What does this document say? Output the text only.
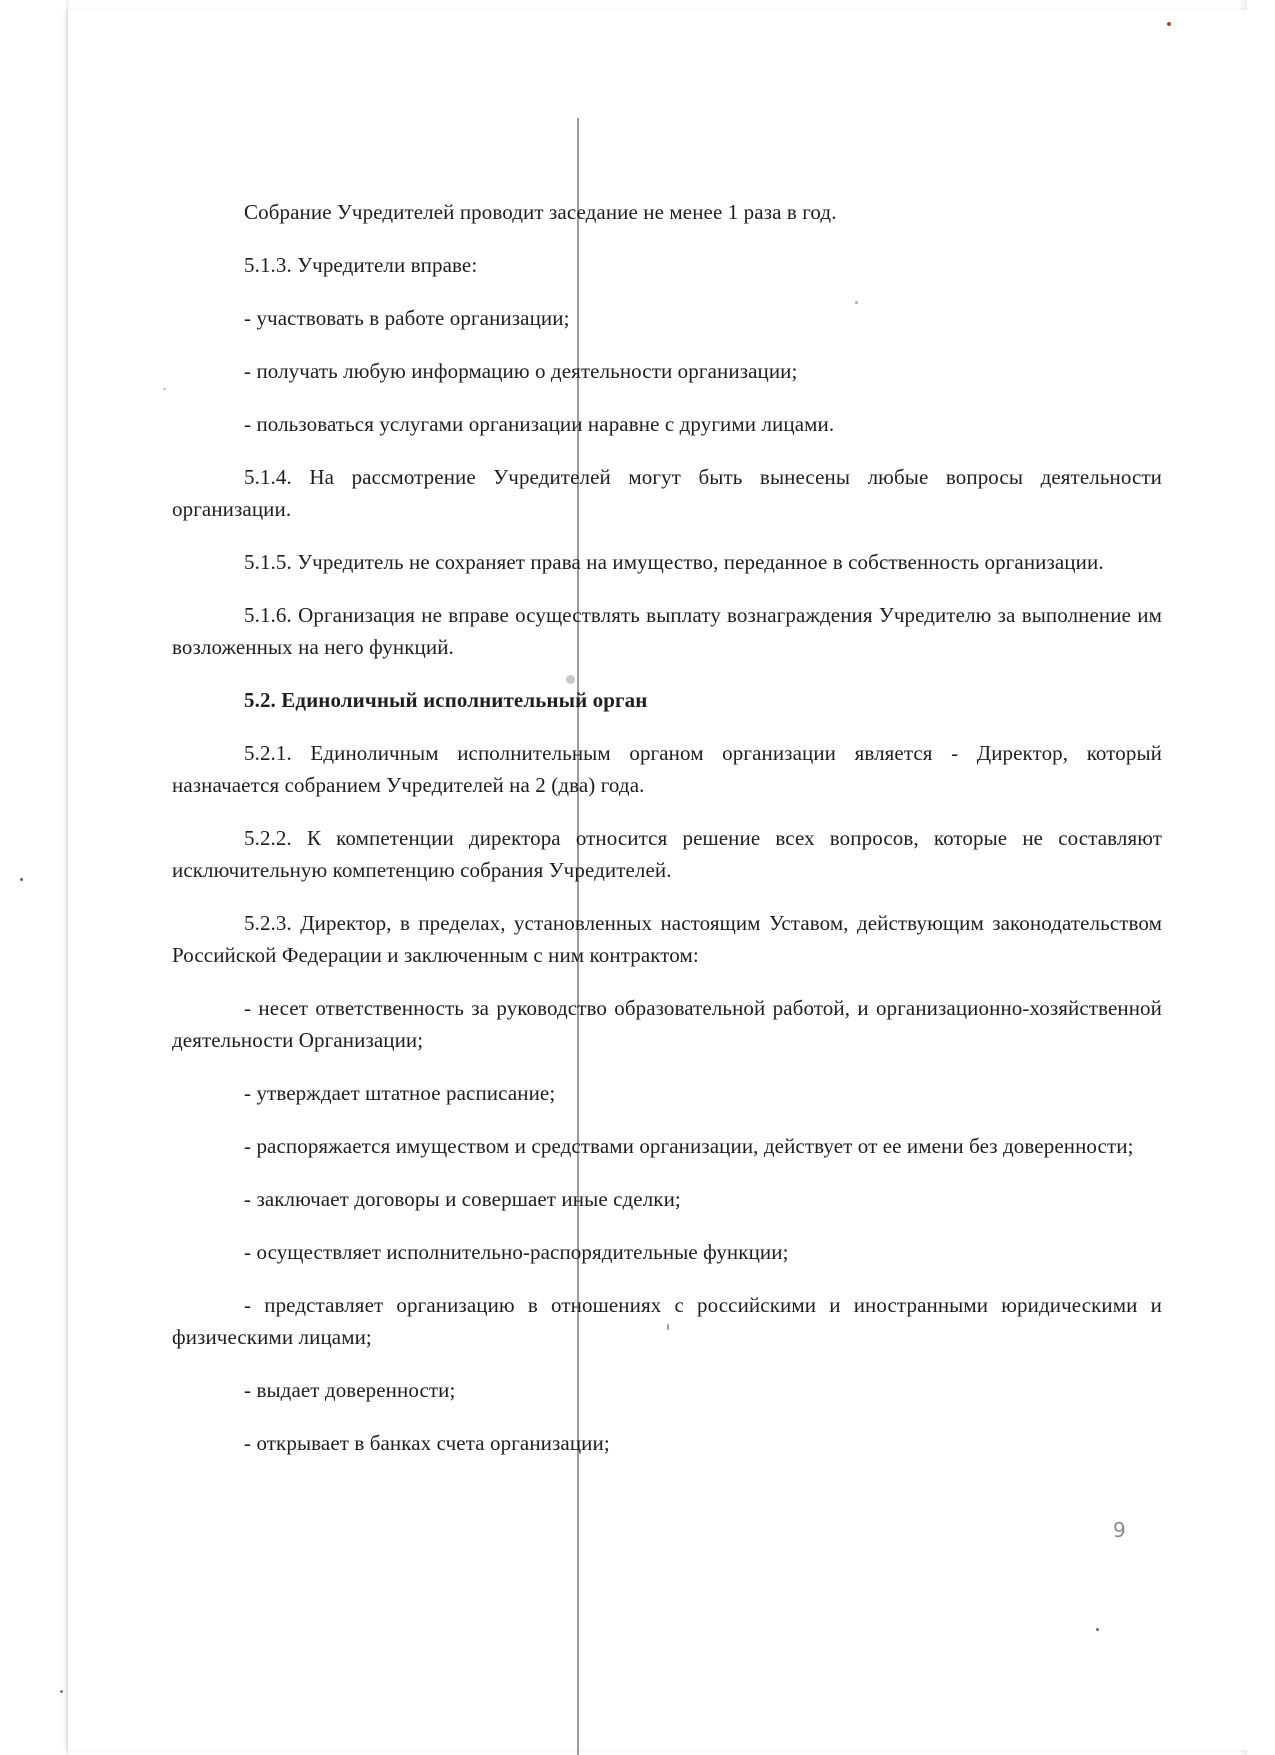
Собрание Учредителей проводит заседание не менее 1 раза в год.

5.1.3. Учредители вправе:

- участвовать в работе организации;

- получать любую информацию о деятельности организации;

- пользоваться услугами организации наравне с другими лицами.

5.1.4. На рассмотрение Учредителей могут быть вынесены любые вопросы деятельности организации.

5.1.5. Учредитель не сохраняет права на имущество, переданное в собственность организации.

5.1.6. Организация не вправе осуществлять выплату вознаграждения Учредителю за выполнение им возложенных на него функций.

5.2. Единоличный исполнительный орган

5.2.1. Единоличным исполнительным органом организации является - Директор, который назначается собранием Учредителей на 2 (два) года.

5.2.2. К компетенции директора относится решение всех вопросов, которые не составляют исключительную компетенцию собрания Учредителей.

5.2.3. Директор, в пределах, установленных настоящим Уставом, действующим законодательством Российской Федерации и заключенным с ним контрактом:

- несет ответственность за руководство образовательной работой, и организационно-хозяйственной деятельности Организации;

- утверждает штатное расписание;

- распоряжается имуществом и средствами организации, действует от ее имени без доверенности;

- заключает договоры и совершает иные сделки;

- осуществляет исполнительно-распорядительные функции;

- представляет организацию в отношениях с российскими и иностранными юридическими и физическими лицами;

- выдает доверенности;

- открывает в банках счета организации;

9
